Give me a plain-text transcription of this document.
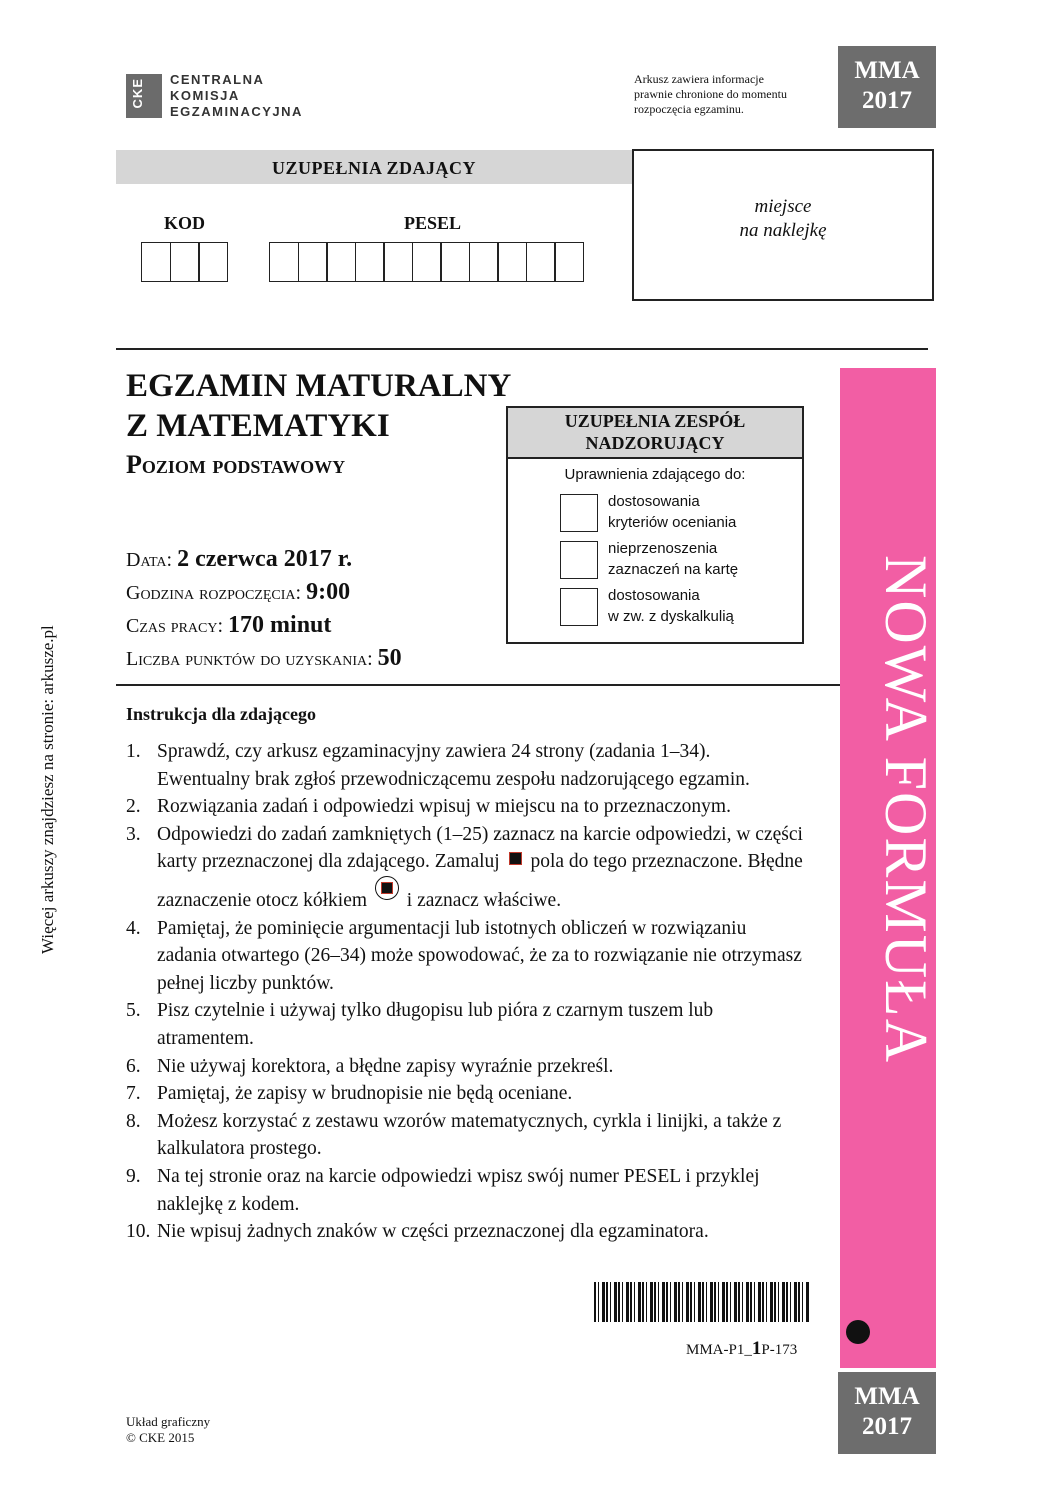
CKE CENTRALNA
KOMISJA
EGZAMINACYJNA
Arkusz zawiera informacje
prawnie chronione do momentu
rozpoczęcia egzaminu.
MMA
2017
UZUPEŁNIA ZDAJĄCY
KOD	PESEL
miejsce
na naklejkę
NOWA FORMUŁA
EGZAMIN MATURALNY
Z MATEMATYKI
Poziom podstawowy
Data: 2 czerwca 2017 r.
Godzina rozpoczęcia: 9:00
Czas pracy: 170 minut
Liczba punktów do uzyskania: 50
UZUPEŁNIA ZESPÓŁ
NADZORUJĄCY
Uprawnienia zdającego do:
dostosowania
kryteriów oceniania
nieprzenoszenia
zaznaczeń na kartę
dostosowania
w zw. z dyskalkulią
Więcej arkuszy znajdziesz na stronie: arkusze.pl	Instrukcja dla zdającego
1. Sprawdź, czy arkusz egzaminacyjny zawiera 24 strony (zadania 1–34). Ewentualny brak zgłoś przewodniczącemu zespołu nadzorującego egzamin.
2. Rozwiązania zadań i odpowiedzi wpisuj w miejscu na to przeznaczonym.
3. Odpowiedzi do zadań zamkniętych (1–25) zaznacz na karcie odpowiedzi, w części karty przeznaczonej dla zdającego. Zamaluj pola do tego przeznaczone. Błędne zaznaczenie otocz kółkiem i zaznacz właściwe.
4. Pamiętaj, że pominięcie argumentacji lub istotnych obliczeń w rozwiązaniu zadania otwartego (26–34) może spowodować, że za to rozwiązanie nie otrzymasz pełnej liczby punktów.
5. Pisz czytelnie i używaj tylko długopisu lub pióra z czarnym tuszem lub atramentem.
6. Nie używaj korektora, a błędne zapisy wyraźnie przekreśl.
7. Pamiętaj, że zapisy w brudnopisie nie będą oceniane.
8. Możesz korzystać z zestawu wzorów matematycznych, cyrkla i linijki, a także z kalkulatora prostego.
9. Na tej stronie oraz na karcie odpowiedzi wpisz swój numer PESEL i przyklej naklejkę z kodem.
10. Nie wpisuj żadnych znaków w części przeznaczonej dla egzaminatora.
MMA-P1_1P-173
MMA
2017
Układ graficzny
© CKE 2015
